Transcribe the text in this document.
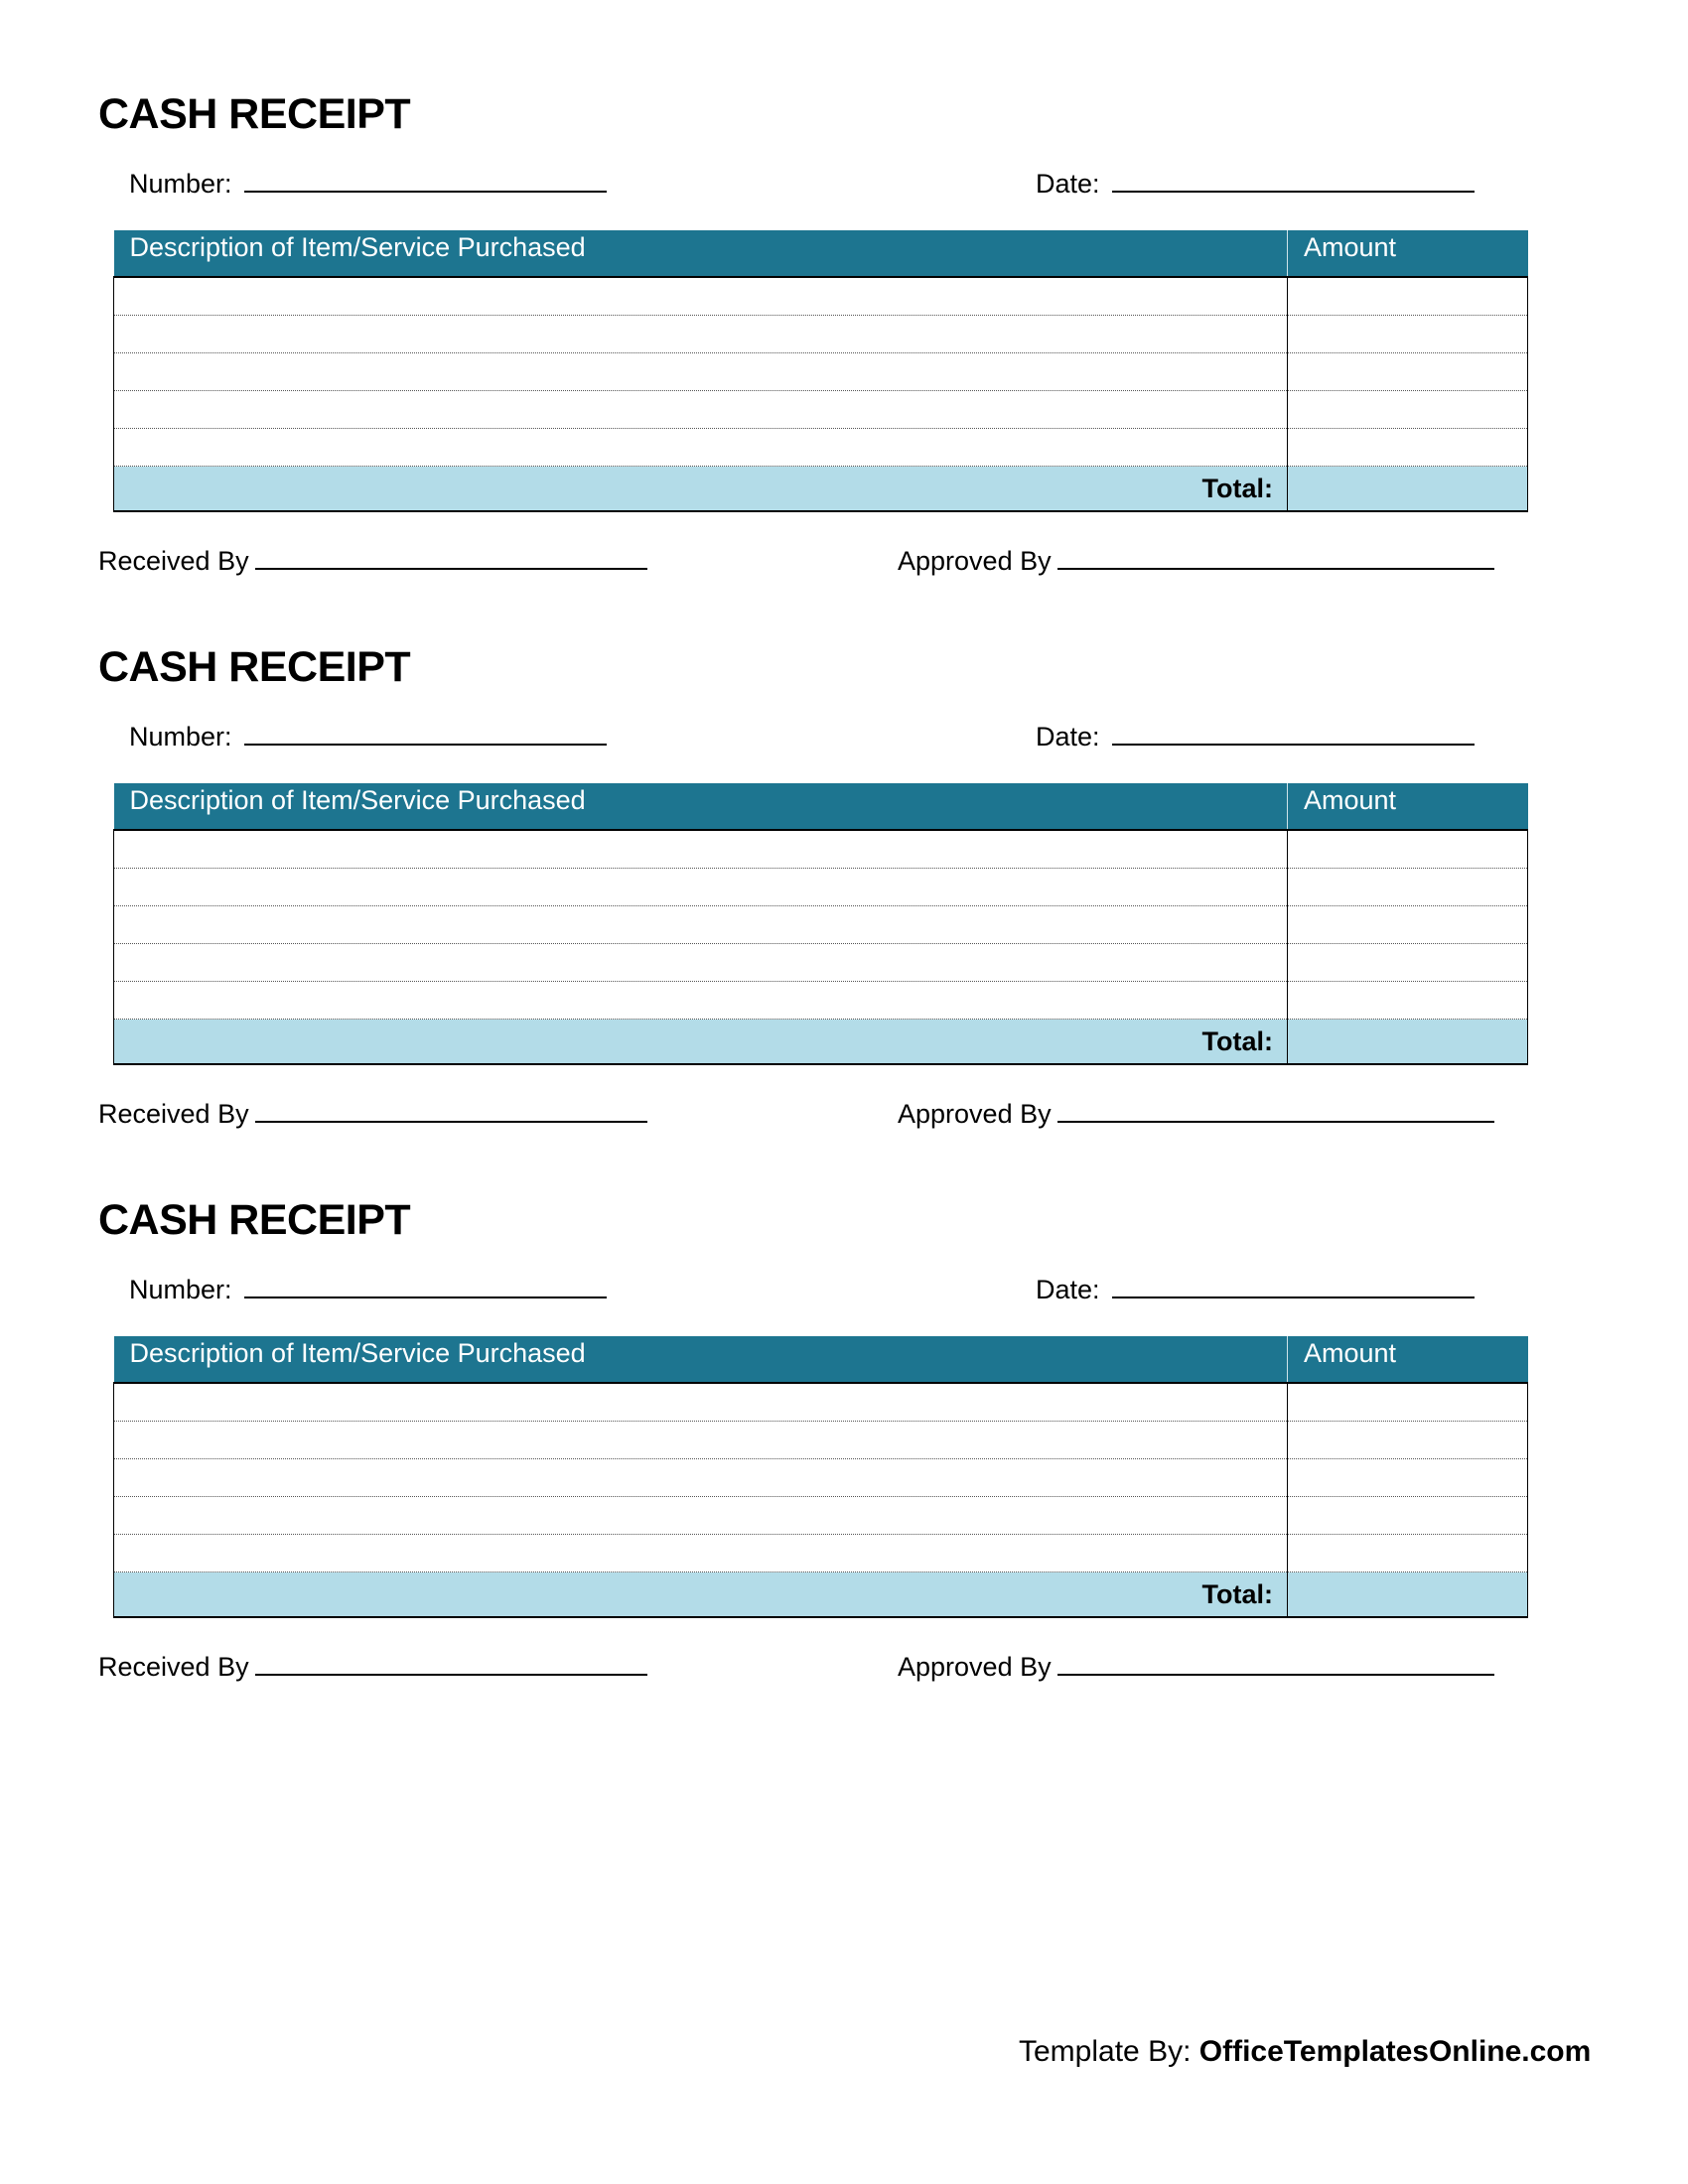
CASH RECEIPT
Number:	Date:
Description of Item/Service Purchased	Amount

Total:	
Received By	Approved By
CASH RECEIPT
Number:	Date:
Description of Item/Service Purchased	Amount

Total:	
Received By	Approved By
CASH RECEIPT
Number:	Date:
Description of Item/Service Purchased	Amount

Total:	
Received By	Approved By
Template By: OfficeTemplatesOnline.com
